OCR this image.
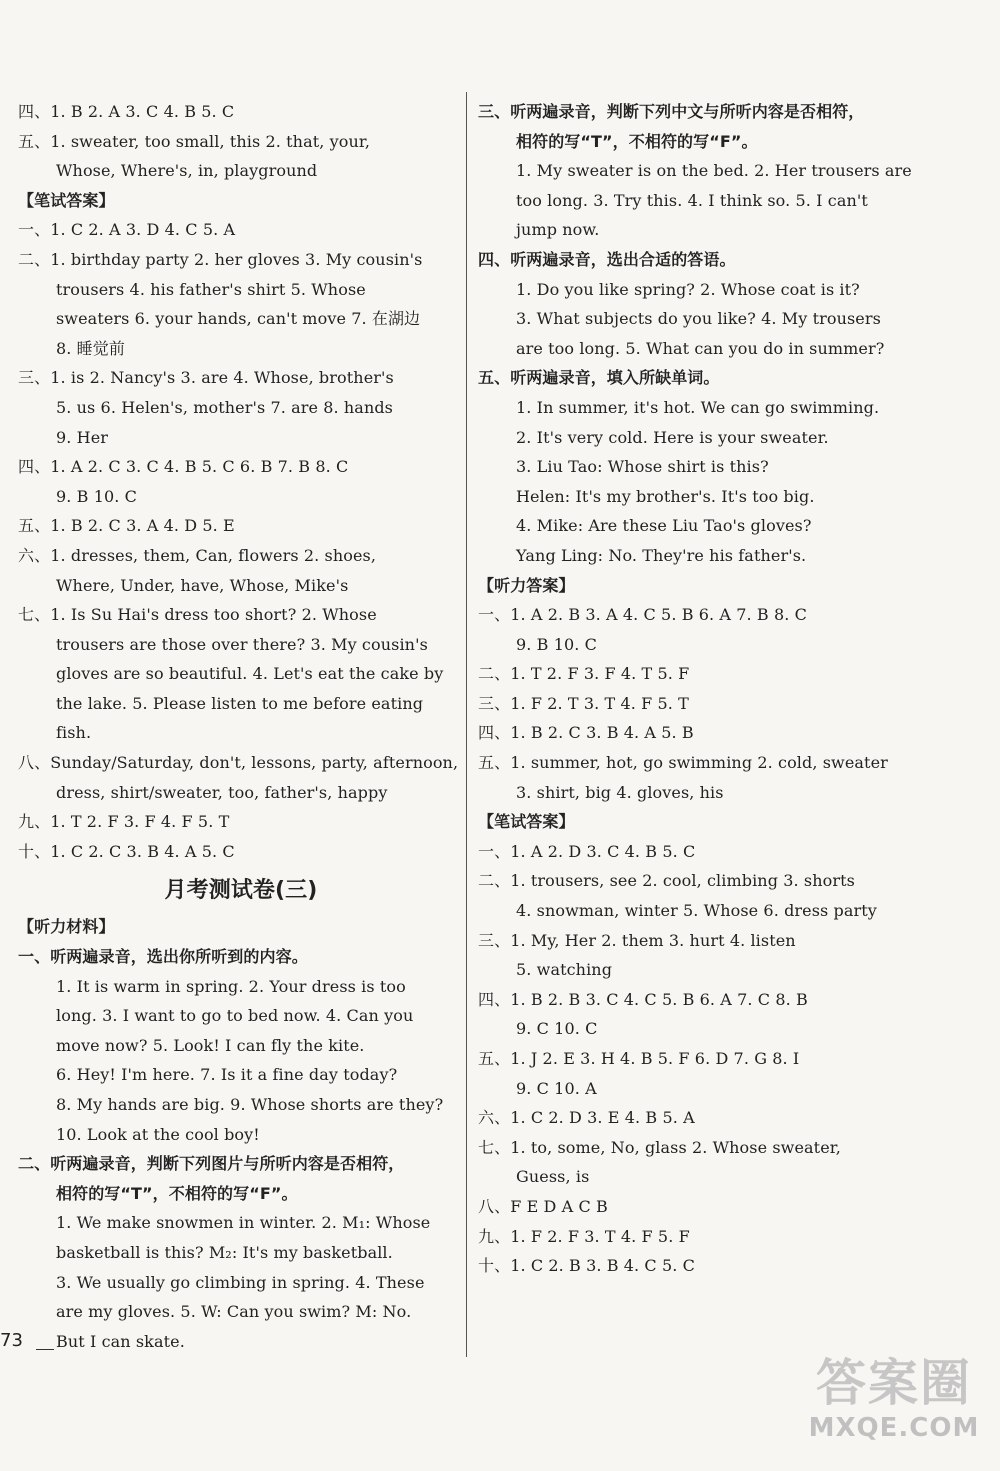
四、1. B 2. A 3. C 4. B 5. C
五、1. sweater, too small, this 2. that, your,
Whose, Where's, in, playground
【笔试答案】
一、1. C 2. A 3. D 4. C 5. A
二、1. birthday party 2. her gloves 3. My cousin's
trousers 4. his father's shirt 5. Whose
sweaters 6. your hands, can't move 7. 在湖边
8. 睡觉前
三、1. is 2. Nancy's 3. are 4. Whose, brother's
5. us 6. Helen's, mother's 7. are 8. hands
9. Her
四、1. A 2. C 3. C 4. B 5. C 6. B 7. B 8. C
9. B 10. C
五、1. B 2. C 3. A 4. D 5. E
六、1. dresses, them, Can, flowers 2. shoes,
Where, Under, have, Whose, Mike's
七、1. Is Su Hai's dress too short? 2. Whose
trousers are those over there? 3. My cousin's
gloves are so beautiful. 4. Let's eat the cake by
the lake. 5. Please listen to me before eating
fish.
八、Sunday/Saturday, don't, lessons, party, afternoon,
dress, shirt/sweater, too, father's, happy
九、1. T 2. F 3. F 4. F 5. T
十、1. C 2. C 3. B 4. A 5. C
月考测试卷(三)
【听力材料】
一、听两遍录音，选出你所听到的内容。
1. It is warm in spring. 2. Your dress is too
long. 3. I want to go to bed now. 4. Can you
move now? 5. Look! I can fly the kite.
6. Hey! I'm here. 7. Is it a fine day today?
8. My hands are big. 9. Whose shorts are they?
10. Look at the cool boy!
二、听两遍录音，判断下列图片与所听内容是否相符，
相符的写“T”，不相符的写“F”。
1. We make snowmen in winter. 2. M₁: Whose
basketball is this? M₂: It's my basketball.
3. We usually go climbing in spring. 4. These
are my gloves. 5. W: Can you swim? M: No.
But I can skate.
三、听两遍录音，判断下列中文与所听内容是否相符，
相符的写“T”，不相符的写“F”。
1. My sweater is on the bed. 2. Her trousers are
too long. 3. Try this. 4. I think so. 5. I can't
jump now.
四、听两遍录音，选出合适的答语。
1. Do you like spring? 2. Whose coat is it?
3. What subjects do you like? 4. My trousers
are too long. 5. What can you do in summer?
五、听两遍录音，填入所缺单词。
1. In summer, it's hot. We can go swimming.
2. It's very cold. Here is your sweater.
3. Liu Tao: Whose shirt is this?
Helen: It's my brother's. It's too big.
4. Mike: Are these Liu Tao's gloves?
Yang Ling: No. They're his father's.
【听力答案】
一、1. A 2. B 3. A 4. C 5. B 6. A 7. B 8. C
9. B 10. C
二、1. T 2. F 3. F 4. T 5. F
三、1. F 2. T 3. T 4. F 5. T
四、1. B 2. C 3. B 4. A 5. B
五、1. summer, hot, go swimming 2. cold, sweater
3. shirt, big 4. gloves, his
【笔试答案】
一、1. A 2. D 3. C 4. B 5. C
二、1. trousers, see 2. cool, climbing 3. shorts
4. snowman, winter 5. Whose 6. dress party
三、1. My, Her 2. them 3. hurt 4. listen
5. watching
四、1. B 2. B 3. C 4. C 5. B 6. A 7. C 8. B
9. C 10. C
五、1. J 2. E 3. H 4. B 5. F 6. D 7. G 8. I
9. C 10. A
六、1. C 2. D 3. E 4. B 5. A
七、1. to, some, No, glass 2. Whose sweater,
Guess, is
八、F E D A C B
九、1. F 2. F 3. T 4. F 5. F
十、1. C 2. B 3. B 4. C 5. C
73
答案圈
MXQE.COM
